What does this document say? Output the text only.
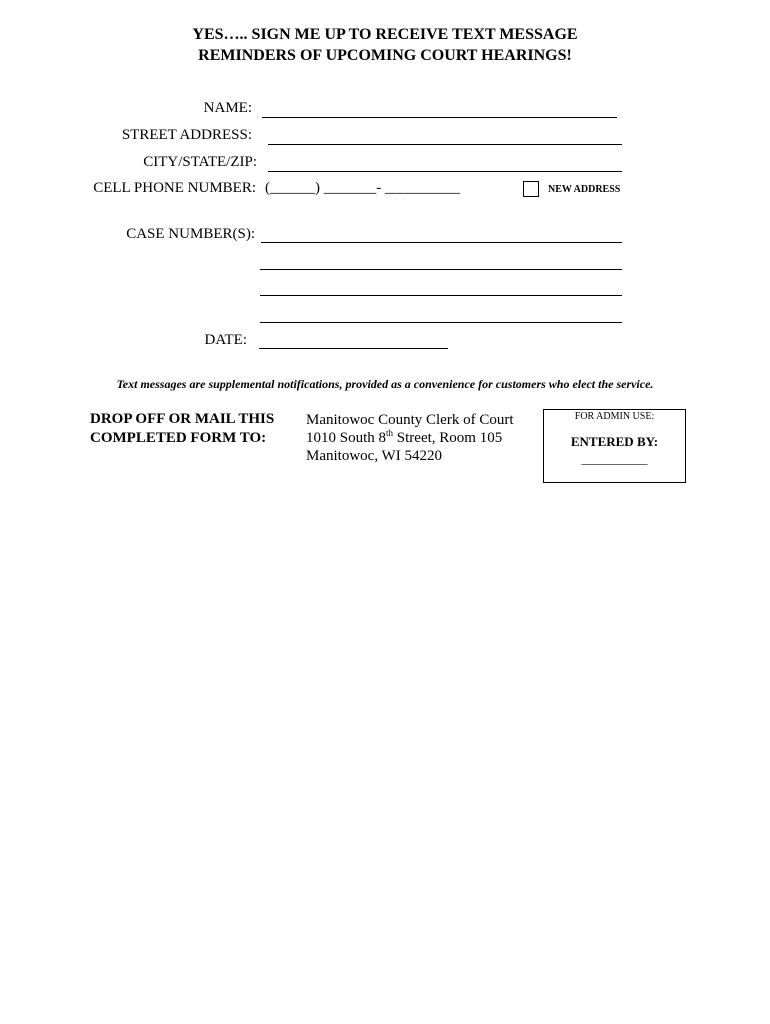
YES….. SIGN ME UP TO RECEIVE TEXT MESSAGE
REMINDERS OF UPCOMING COURT HEARINGS!
NAME:
STREET ADDRESS:
CITY/STATE/ZIP:
CELL PHONE NUMBER: (______) _______- __________	NEW ADDRESS
CASE NUMBER(S):
DATE:
Text messages are supplemental notifications, provided as a convenience for customers who elect the service.
DROP OFF OR MAIL THIS
COMPLETED FORM TO:
Manitowoc County Clerk of Court
1010 South 8th Street, Room 105
Manitowoc, WI 54220
FOR ADMIN USE:
ENTERED BY:
___________
